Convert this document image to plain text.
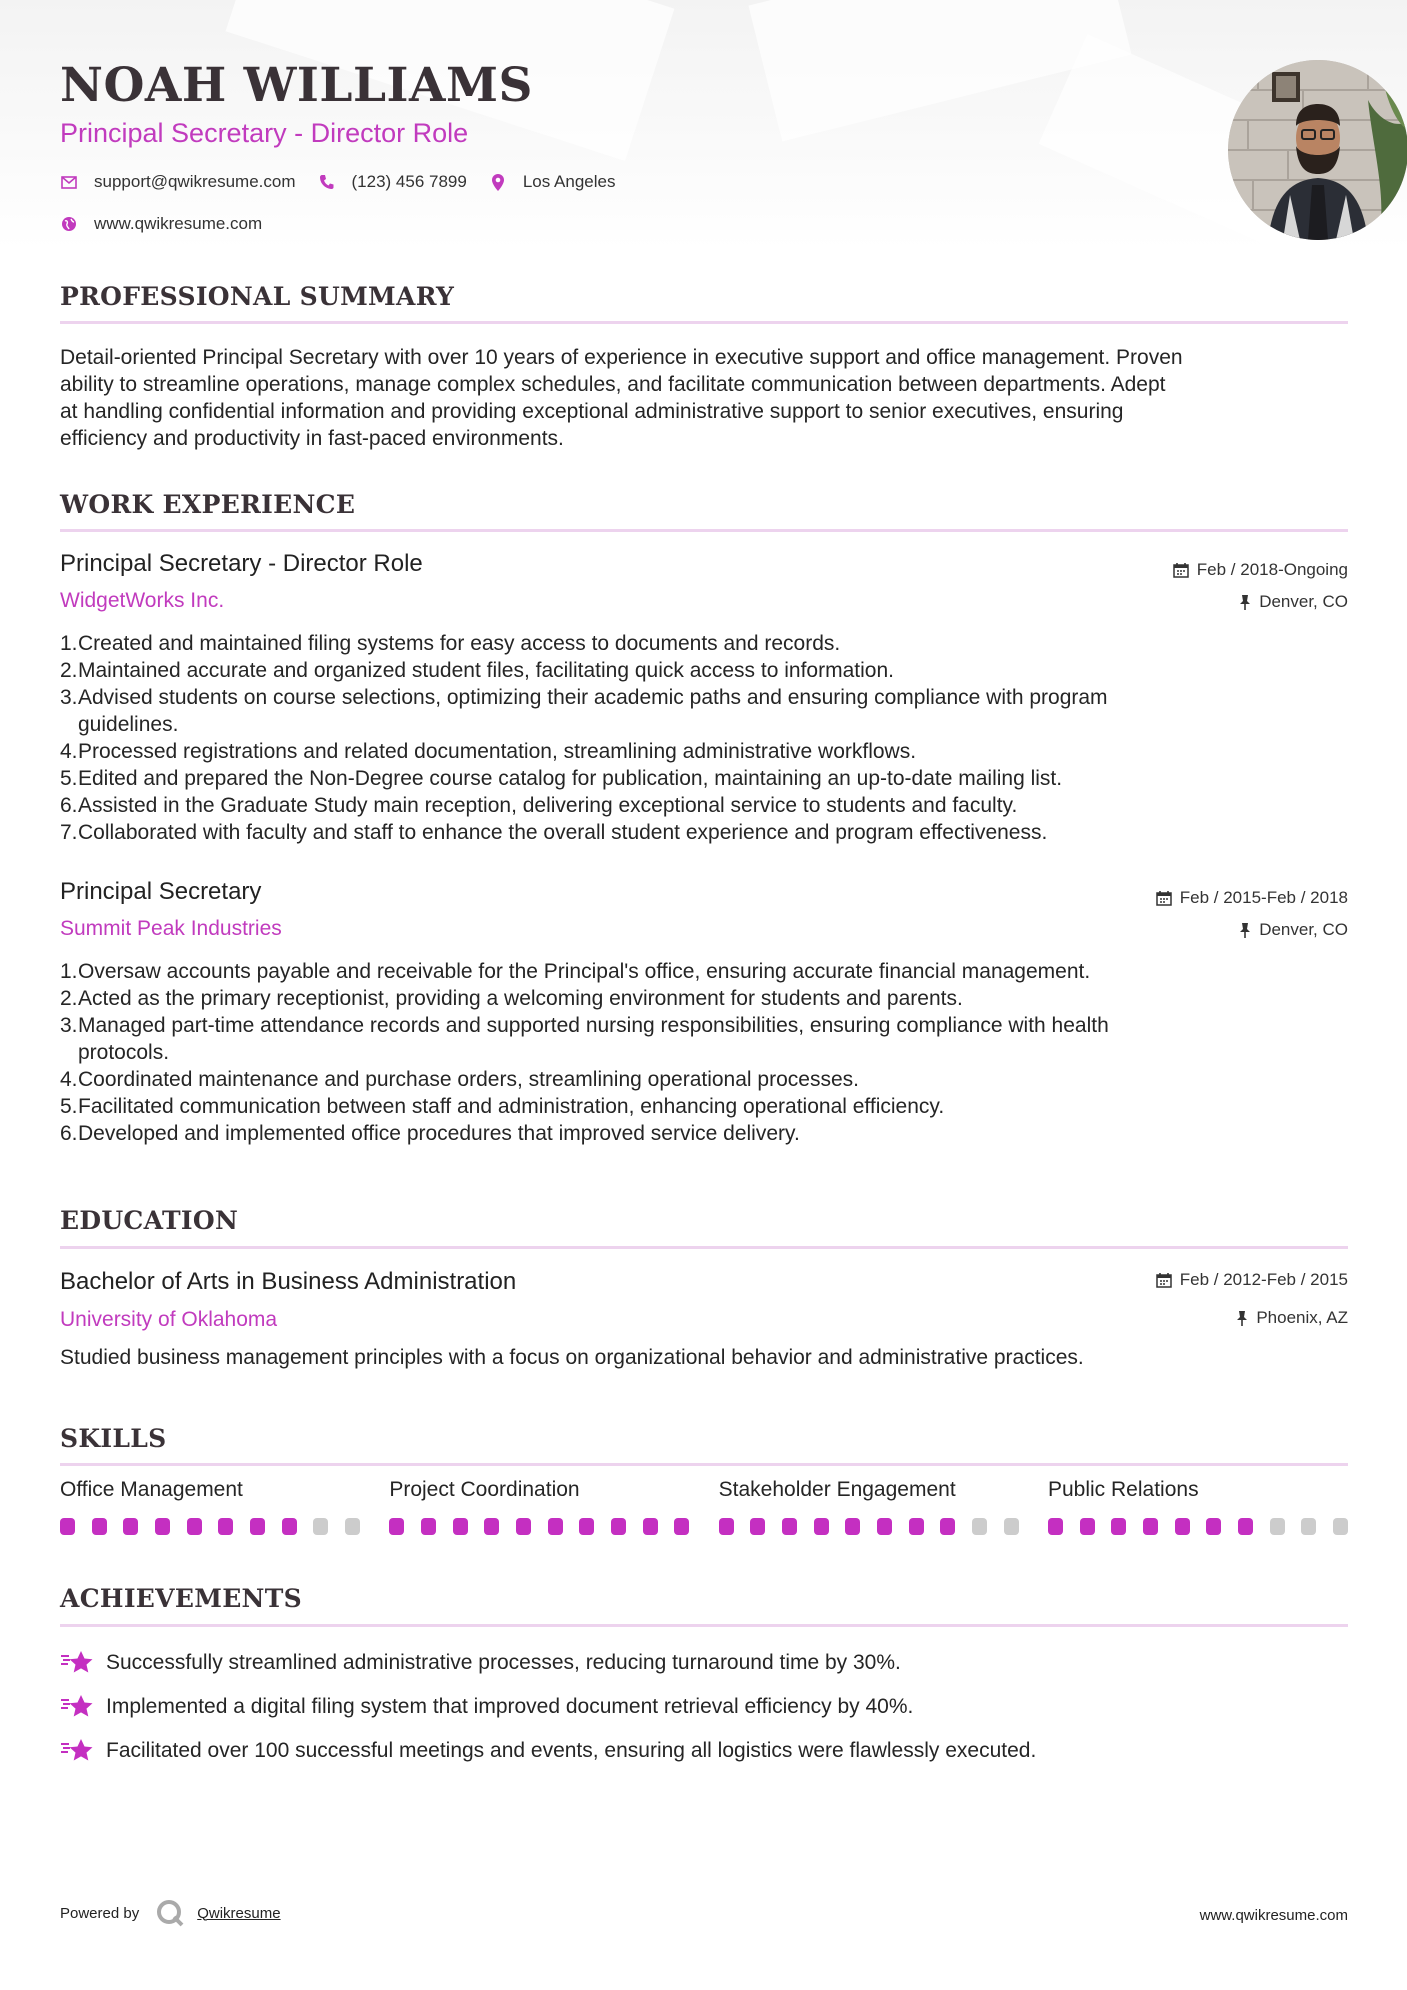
NOAH WILLIAMS
Principal Secretary - Director Role
support@qwikresume.com	(123) 456 7899	Los Angeles
www.qwikresume.com
PROFESSIONAL SUMMARY
Detail-oriented Principal Secretary with over 10 years of experience in executive support and office management. Proven
ability to streamline operations, manage complex schedules, and facilitate communication between departments. Adept
at handling confidential information and providing exceptional administrative support to senior executives, ensuring
efficiency and productivity in fast-paced environments.
WORK EXPERIENCE
Principal Secretary - Director Role
WidgetWorks Inc.
Feb / 2018-Ongoing
Denver, CO
1. Created and maintained filing systems for easy access to documents and records.
2. Maintained accurate and organized student files, facilitating quick access to information.
3. Advised students on course selections, optimizing their academic paths and ensuring compliance with program
guidelines.
4. Processed registrations and related documentation, streamlining administrative workflows.
5. Edited and prepared the Non-Degree course catalog for publication, maintaining an up-to-date mailing list.
6. Assisted in the Graduate Study main reception, delivering exceptional service to students and faculty.
7. Collaborated with faculty and staff to enhance the overall student experience and program effectiveness.
Principal Secretary
Summit Peak Industries
Feb / 2015-Feb / 2018
Denver, CO
1. Oversaw accounts payable and receivable for the Principal's office, ensuring accurate financial management.
2. Acted as the primary receptionist, providing a welcoming environment for students and parents.
3. Managed part-time attendance records and supported nursing responsibilities, ensuring compliance with health
protocols.
4. Coordinated maintenance and purchase orders, streamlining operational processes.
5. Facilitated communication between staff and administration, enhancing operational efficiency.
6. Developed and implemented office procedures that improved service delivery.
EDUCATION
Bachelor of Arts in Business Administration
University of Oklahoma
Feb / 2012-Feb / 2015
Phoenix, AZ
Studied business management principles with a focus on organizational behavior and administrative practices.
SKILLS
Office Management	Project Coordination	Stakeholder Engagement	Public Relations
ACHIEVEMENTS
Successfully streamlined administrative processes, reducing turnaround time by 30%.
Implemented a digital filing system that improved document retrieval efficiency by 40%.
Facilitated over 100 successful meetings and events, ensuring all logistics were flawlessly executed.
Powered by	Qwikresume	www.qwikresume.com
